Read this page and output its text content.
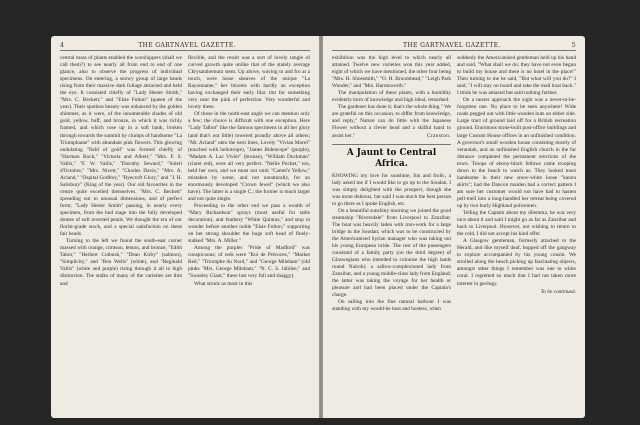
4	THE GARTNAVEL GAZETTE.

central mass of plants enabled the worshippers (shall we call them?) to see nearly all from end to end of one glance, also to observe the progress of individual specimens. On entering, a snowy group of large heads rising from their massive dark foliage attracted and held the eye. It consisted chiefly of "Lady Hester Smith," "Mrs. C. Beckett," and "Elsie Fulton" (queen of the year). Their spotless beauty was enhanced by the golden shimmer, as it were, of the innumerable shades of old gold, yellow, buff, and bronze, in which it was richly framed, and which rose up in a soft bank, broken through towards the summit by clumps of handsome "La Triomphante" with abundant pink flowers. This glowing undulating "field of gold" was formed chiefly of "Harmon Bock," "Victoria and Albert," "Mrs. F. S. Vallis," "F. W. Vallis," "Dorothy Seward," "Soleil d'Octobre," "Mrs. Nivett," "Charles Davis," "Mrs. A. Acland," "Ospital Godfrey," "Ryecroft Glory," and "J. H. Salisbury" (King of the year). Our old favourites in the centre quite excelled themselves. "Mrs. C. Beckett" spreading out to unusual dimensions, and of perfect form; "Lady Hester Smith" passing, in nearly every specimen, from the bud stage into the fully developed domes of soft reverted petals. We thought the era of our florist-grade stock, and a special satisfaction on these fair heads.

Turning to the left we found the south-east corner massed with orange, crimson, lemon, and bronze, "Edith Tabor," "Herbert Cutbush," "Dean Kirby" (salmon), "Simplicity," and "Ben Wells" (white), and "Reginald Vallis" (white and purple) rising through it all to high distinction. The stalks of many of the varieties are thin and

flexible, and the result was a sort of lovely tangle of curved growth quite unlike that of the stately average Chrysanthemum stem. Up above, waving to and fro at a touch, were loose sheaves of the unique "La Rayonnante," her blooms with hardly an exception having exchanged their early lilac tint for something very near the pink of perfection. Very wonderful and lovely these.

Of those in the north-east angle we can mention only a few; the choice is difficult with one exception. Here "Lady Talbot" like the famous specimens in all her glory (and that's not little) towered proudly above all others; "Mr. Acland" unto the next lines, Lovely "Vivian Morel" (touched with heliotrope), "James Bidencope" (purple), "Madam A. Lac Vivier" (bronze), "William Duckman" (claret red), were all very perfect. "Nellie Pocket," too, held her own, and we must not omit "Camel's Yellow," mistaken by some, and not unnaturally, for an enormously developed "Crown Jewel" (which we also have). The latter is a single C.; the former is much larger and not quite single.

Proceeding to the other end we pass a wealth of "Mary Richardson" sprays (most useful for table decoration), and feathery "White Quintus," and stop in wonder before another noble "Elsie Fulton," supporting on her strong shoulder the huge soft head of finely-stalked "Mrs. A. Miller."

Among the purples "Pride of Madford" was conspicuous; of reds were "Roi de Précoces," "Market Red," "Triomphe du Nord," and "George Mileham" (old pinks "Mrs. George Mileham," "N. C. S. Jubilee," and "Swanley Giant," these last very full and shaggy).

What struck us most in this

THE GARTNAVEL GAZETTE.	5

exhibition was the high level to which nearly all attained. Twelve new varieties won this year added, eight of which we have mentioned, the other four being "Mrs. H. Shoesmith," "O. H. Broomhead," "Leigh Park Wonder," and "Mrs. Harmsworth."

The manipulation of these plants, with a humidity evidently born of knowledge and high ideal, remarked.

The gardener has done it; that's the whole thing." We are grateful on this occasion, to differ from knowledge, and reply," Nature can do little with the Japanese Flower without a clever head and a skilful hand to assist her."	Cranston.
A Jaunt to Central Africa.

KNOWING my love for sunshine, fun and frolic, a lady asked me if I would like to go up to the Soudan. I was simply delighted with the prospect, though she was more dubious, but said I was much the best person to go there as I spoke English, etc.

On a beautiful sunshiny morning we joined the good steamship "Riversdale" from Liverpool to Zanzibar. The boat was heavily laden with iron-work for a large bridge in the Soudan; which was to be constructed by the Americanised Syrian manager who was taking out his young European bride. The rest of the passengers consisted of a family party (on the third degree) of Glaswegians who intended to colonise the high lands round Nairobi; a sallow-complexioned lady from Zanzibar, and a young middle-class lady from England; the latter was taking the voyage for her health or pleasure and had been placed under the Captain's charge.

On sailing into the fine natural harbour I was standing with my would-be host and hostess, when

suddenly the Americanised gentleman held up his hand and said, "What shall we do; they have not even begun to build my house and there is no hotel in the place!" Then turning to me he said, "But what will you do?" I said, "I will stay on board and take the mail boat back." I think he was amazed but said nothing further.

On a nearer approach the sight was a never-to-be-forgotten one. No place to be seen anywhere! Wide roads pegged out with little wooden huts on either side. Large tract of ground laid off for a British recreation ground. Enormous stone-built post-office buildings and large Custom House offices in an unfinished condition. A governor's small wooden house consisting mostly of verandah, and an unfinished English church in the far distance completed the permanent erections of the town. Troops of ebony-black fellows came trooping down to the beach to watch us. They looked most handsome in their new snow-white loose "kanzu skirts"; had the Dancon maiden had a correct pattern I am sure her customer would not have had to hasten pell-mell into a long-handled her retreat being covered up by two burly Highland policemen.

Telling the Captain about my dilemma, he was very nice about it and said I might go as far as Zanzibar and back to Liverpool. However, not wishing to return to the cold, I did not accept his kind offer.

A Glasgow gentleman, formerly attached to the Herald, and like myself deaf, hopped off the gangway to explore accompanied by his young cousin. We strolled along the beach picking up fascinating objects, amongst other things I remember was one in white coral. I regretted so much that I had not taken more interest in geology.

To be continued.
